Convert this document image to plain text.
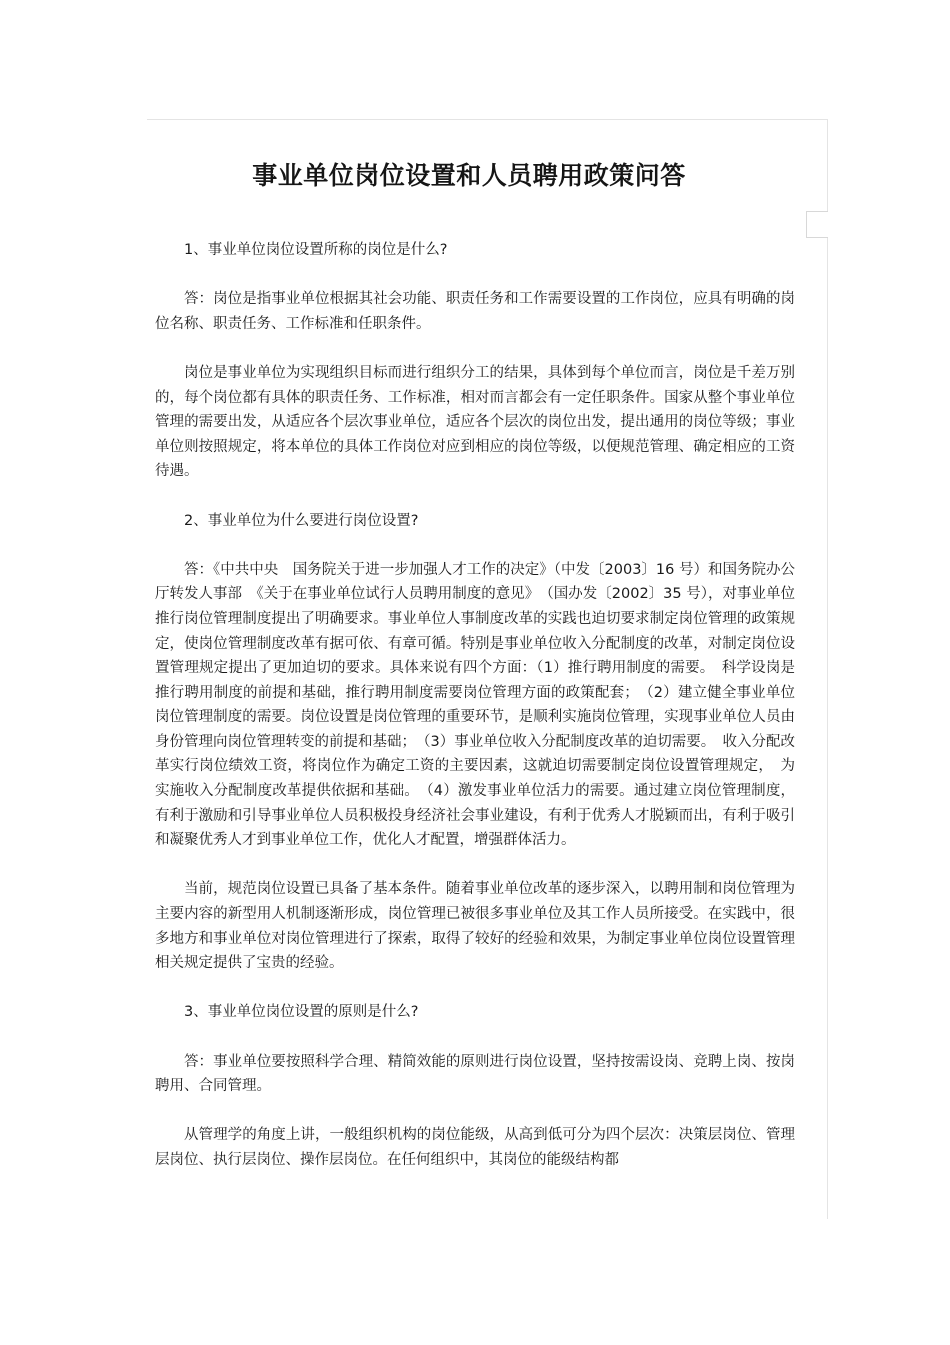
事业单位岗位设置和人员聘用政策问答

1、事业单位岗位设置所称的岗位是什么?

答：岗位是指事业单位根据其社会功能、职责任务和工作需要设置的工作岗位，应具有明确的岗位名称、职责任务、工作标准和任职条件。

岗位是事业单位为实现组织目标而进行组织分工的结果，具体到每个单位而言，岗位是千差万别的，每个岗位都有具体的职责任务、工作标准，相对而言都会有一定任职条件。国家从整个事业单位管理的需要出发，从适应各个层次事业单位，适应各个层次的岗位出发，提出通用的岗位等级；事业单位则按照规定，将本单位的具体工作岗位对应到相应的岗位等级，以便规范管理、确定相应的工资待遇。

2、事业单位为什么要进行岗位设置?

答：《中共中央　国务院关于进一步加强人才工作的决定》（中发〔2003〕16 号）和国务院办公厅转发人事部　《关于在事业单位试行人员聘用制度的意见》　（国办发〔2002〕35 号），对事业单位推行岗位管理制度提出了明确要求。事业单位人事制度改革的实践也迫切要求制定岗位管理的政策规定，使岗位管理制度改革有据可依、有章可循。特别是事业单位收入分配制度的改革，对制定岗位设置管理规定提出了更加迫切的要求。具体来说有四个方面：（1）推行聘用制度的需要。　科学设岗是推行聘用制度的前提和基础，推行聘用制度需要岗位管理方面的政策配套；　（2）建立健全事业单位岗位管理制度的需要。岗位设置是岗位管理的重要环节，是顺利实施岗位管理，实现事业单位人员由身份管理向岗位管理转变的前提和基础；　（3）事业单位收入分配制度改革的迫切需要。　收入分配改革实行岗位绩效工资，将岗位作为确定工资的主要因素，这就迫切需要制定岗位设置管理规定，　为实施收入分配制度改革提供依据和基础。　（4）激发事业单位活力的需要。通过建立岗位管理制度，有利于激励和引导事业单位人员积极投身经济社会事业建设，有利于优秀人才脱颖而出，有利于吸引和凝聚优秀人才到事业单位工作，优化人才配置，增强群体活力。

当前，规范岗位设置已具备了基本条件。随着事业单位改革的逐步深入，以聘用制和岗位管理为主要内容的新型用人机制逐渐形成，岗位管理已被很多事业单位及其工作人员所接受。在实践中，很多地方和事业单位对岗位管理进行了探索，取得了较好的经验和效果，为制定事业单位岗位设置管理相关规定提供了宝贵的经验。

3、事业单位岗位设置的原则是什么?

答：事业单位要按照科学合理、精简效能的原则进行岗位设置，坚持按需设岗、竞聘上岗、按岗聘用、合同管理。

从管理学的角度上讲，一般组织机构的岗位能级，从高到低可分为四个层次：决策层岗位、管理层岗位、执行层岗位、操作层岗位。在任何组织中，其岗位的能级结构都
